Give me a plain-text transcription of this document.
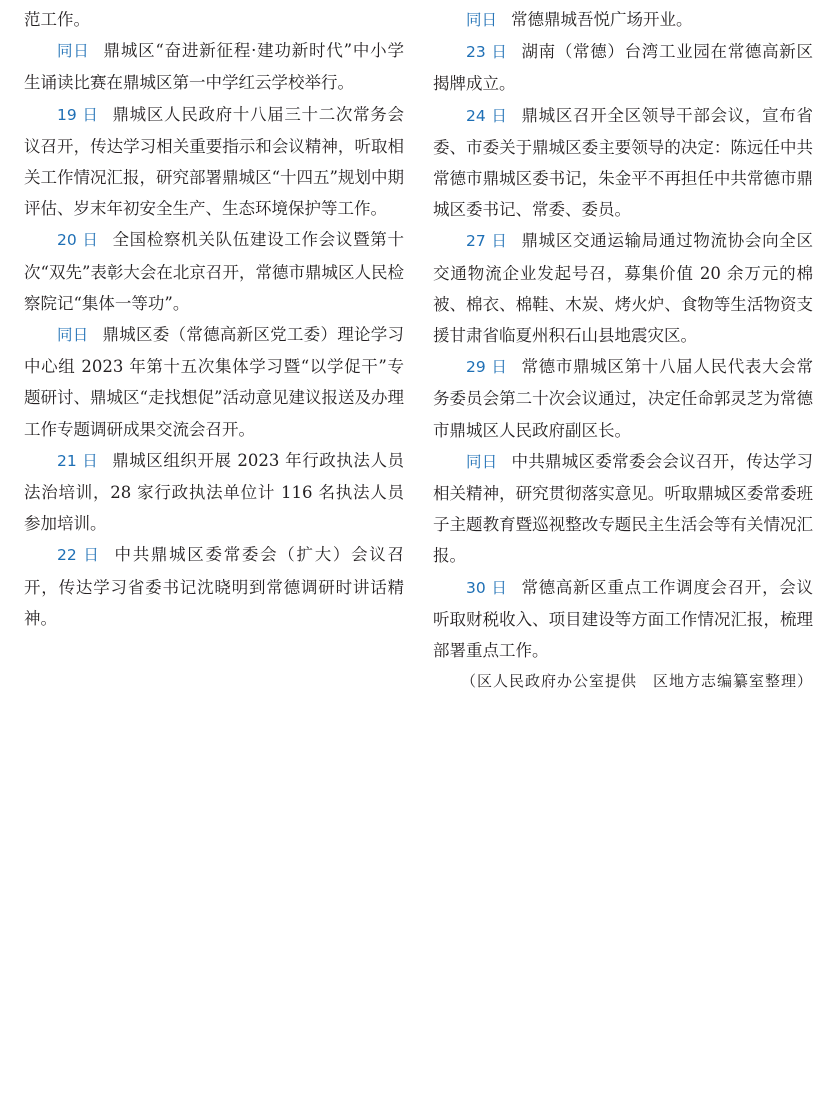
范工作。

同日 鼎城区“奋进新征程·建功新时代”中小学生诵读比赛在鼎城区第一中学红云学校举行。

19 日 鼎城区人民政府十八届三十二次常务会议召开，传达学习相关重要指示和会议精神，听取相关工作情况汇报，研究部署鼎城区“十四五”规划中期评估、岁末年初安全生产、生态环境保护等工作。

20 日 全国检察机关队伍建设工作会议暨第十次“双先”表彰大会在北京召开，常德市鼎城区人民检察院记“集体一等功”。

同日 鼎城区委（常德高新区党工委）理论学习中心组 2023 年第十五次集体学习暨“以学促干”专题研讨、鼎城区“走找想促”活动意见建议报送及办理工作专题调研成果交流会召开。

21 日 鼎城区组织开展 2023 年行政执法人员法治培训，28 家行政执法单位计 116 名执法人员参加培训。

22 日 中共鼎城区委常委会（扩大）会议召开，传达学习省委书记沈晓明到常德调研时讲话精神。

同日 常德鼎城吾悦广场开业。

23 日 湖南（常德）台湾工业园在常德高新区揭牌成立。

24 日 鼎城区召开全区领导干部会议，宣布省委、市委关于鼎城区委主要领导的决定：陈远任中共常德市鼎城区委书记，朱金平不再担任中共常德市鼎城区委书记、常委、委员。

27 日 鼎城区交通运输局通过物流协会向全区交通物流企业发起号召，募集价值 20 余万元的棉被、棉衣、棉鞋、木炭、烤火炉、食物等生活物资支援甘肃省临夏州积石山县地震灾区。

29 日 常德市鼎城区第十八届人民代表大会常务委员会第二十次会议通过，决定任命郭灵芝为常德市鼎城区人民政府副区长。

同日 中共鼎城区委常委会会议召开，传达学习相关精神，研究贯彻落实意见。听取鼎城区委常委班子主题教育暨巡视整改专题民主生活会等有关情况汇报。

30 日 常德高新区重点工作调度会召开，会议听取财税收入、项目建设等方面工作情况汇报，梳理部署重点工作。

（区人民政府办公室提供　区地方志编纂室整理）
